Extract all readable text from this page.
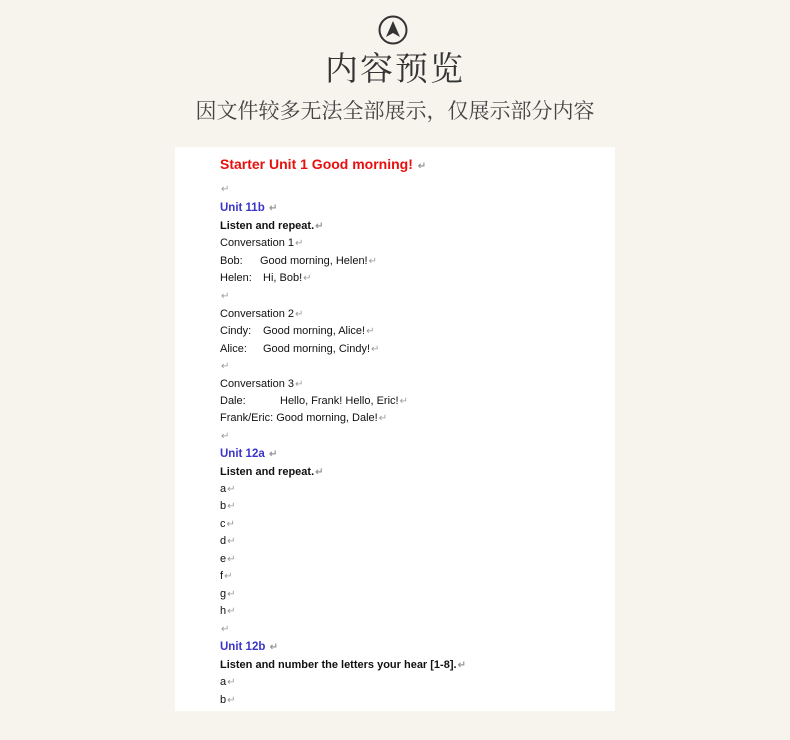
内容预览
因文件较多无法全部展示，仅展示部分内容
Starter Unit 1 Good morning! ↵
↵
Unit 11b ↵
Listen and repeat.↵
Conversation 1↵
Bob: Good morning, Helen!↵
Helen: Hi, Bob!↵
↵
Conversation 2↵
Cindy: Good morning, Alice!↵
Alice: Good morning, Cindy!↵
↵
Conversation 3↵
Dale:	Hello, Frank! Hello, Eric!↵
Frank/Eric: Good morning, Dale!↵
↵
Unit 12a ↵
Listen and repeat.↵
a↵
b↵
c↵
d↵
e↵
f↵
g↵
h↵
↵
Unit 12b ↵
Listen and number the letters your hear [1-8].↵
a↵
b↵
